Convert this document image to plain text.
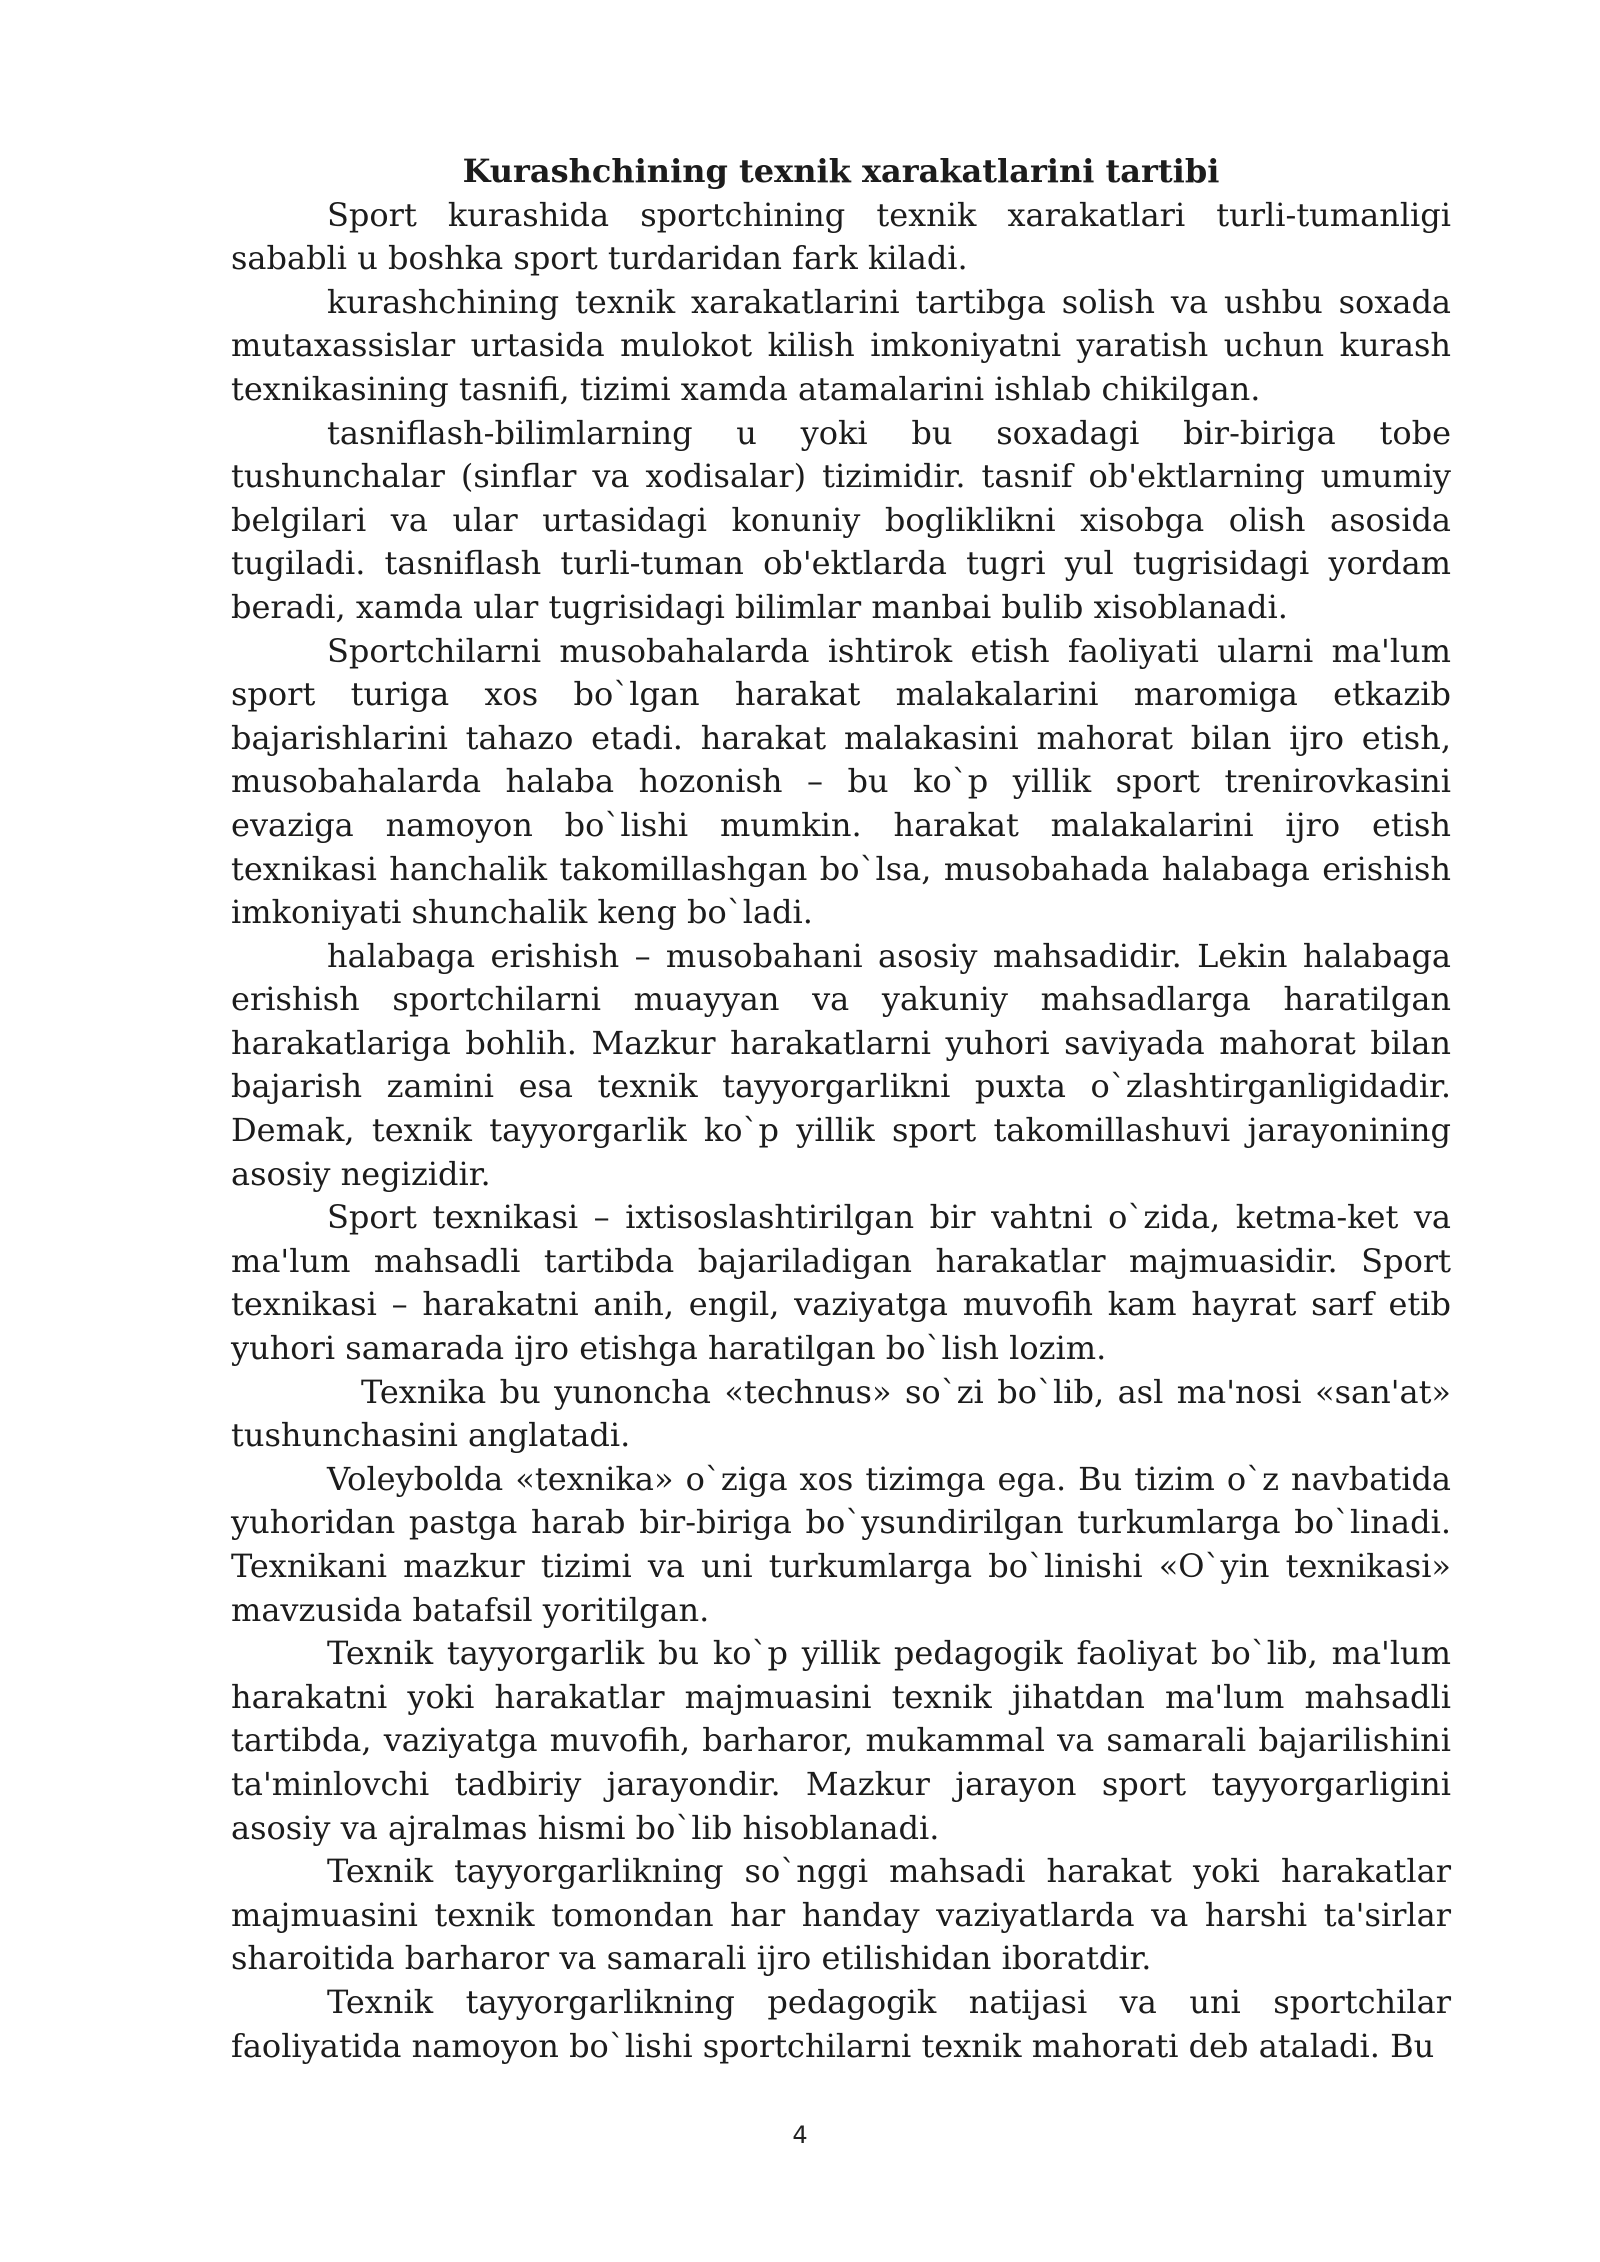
Kurashchining texnik xarakatlarini tartibi

Sport kurashida sportchining texnik xarakatlari turli-tumanligi sababli u boshka sport turdaridan fark kiladi.

kurashchining texnik xarakatlarini tartibga solish va ushbu soxada mutaxassislar urtasida mulokot kilish imkoniyatni yaratish uchun kurash texnikasining tasnifi, tizimi xamda atamalarini ishlab chikilgan.

tasniflash-bilimlarning u yoki bu soxadagi bir-biriga tobe tushunchalar (sinflar va xodisalar) tizimidir. tasnif ob'ektlarning umumiy belgilari va ular urtasidagi konuniy bogliklikni xisobga olish asosida tugiladi. tasniflash turli-tuman ob'ektlarda tugri yul tugrisidagi yordam beradi, xamda ular tugrisidagi bilimlar manbai bulib xisoblanadi.

Sportchilarni musobahalarda ishtirok etish faoliyati ularni ma'lum sport turiga xos bo`lgan harakat malakalarini maromiga etkazib bajarishlarini tahazo etadi. harakat malakasini mahorat bilan ijro etish, musobahalarda halaba hozonish – bu ko`p yillik sport trenirovkasini evaziga namoyon bo`lishi mumkin. harakat malakalarini ijro etish texnikasi hanchalik takomillashgan bo`lsa, musobahada halabaga erishish imkoniyati shunchalik keng bo`ladi.

halabaga erishish – musobahani asosiy mahsadidir. Lekin halabaga erishish sportchilarni muayyan va yakuniy mahsadlarga haratilgan harakatlariga bohlih. Mazkur harakatlarni yuhori saviyada mahorat bilan bajarish zamini esa texnik tayyorgarlikni puxta o`zlashtirganligidadir. Demak, texnik tayyorgarlik ko`p yillik sport takomillashuvi jarayonining asosiy negizidir.

Sport texnikasi – ixtisoslashtirilgan bir vahtni o`zida, ketma-ket va ma'lum mahsadli tartibda bajariladigan harakatlar majmuasidir. Sport texnikasi – harakatni anih, engil, vaziyatga muvofih kam hayrat sarf etib yuhori samarada ijro etishga haratilgan bo`lish lozim.

Texnika bu yunoncha «technus» so`zi bo`lib, asl ma'nosi «san'at» tushunchasini anglatadi.

Voleybolda «texnika» o`ziga xos tizimga ega. Bu tizim o`z navbatida yuhoridan pastga harab bir-biriga bo`ysundirilgan turkumlarga bo`linadi. Texnikani mazkur tizimi va uni turkumlarga bo`linishi «O`yin texnikasi» mavzusida batafsil yoritilgan.

Texnik tayyorgarlik bu ko`p yillik pedagogik faoliyat bo`lib, ma'lum harakatni yoki harakatlar majmuasini texnik jihatdan ma'lum mahsadli tartibda, vaziyatga muvofih, barharor, mukammal va samarali bajarilishini ta'minlovchi tadbiriy jarayondir. Mazkur jarayon sport tayyorgarligini asosiy va ajralmas hismi bo`lib hisoblanadi.

Texnik tayyorgarlikning so`nggi mahsadi harakat yoki harakatlar majmuasini texnik tomondan har handay vaziyatlarda va harshi ta'sirlar sharoitida barharor va samarali ijro etilishidan iboratdir.

Texnik tayyorgarlikning pedagogik natijasi va uni sportchilar faoliyatida namoyon bo`lishi sportchilarni texnik mahorati deb ataladi. Bu

4
